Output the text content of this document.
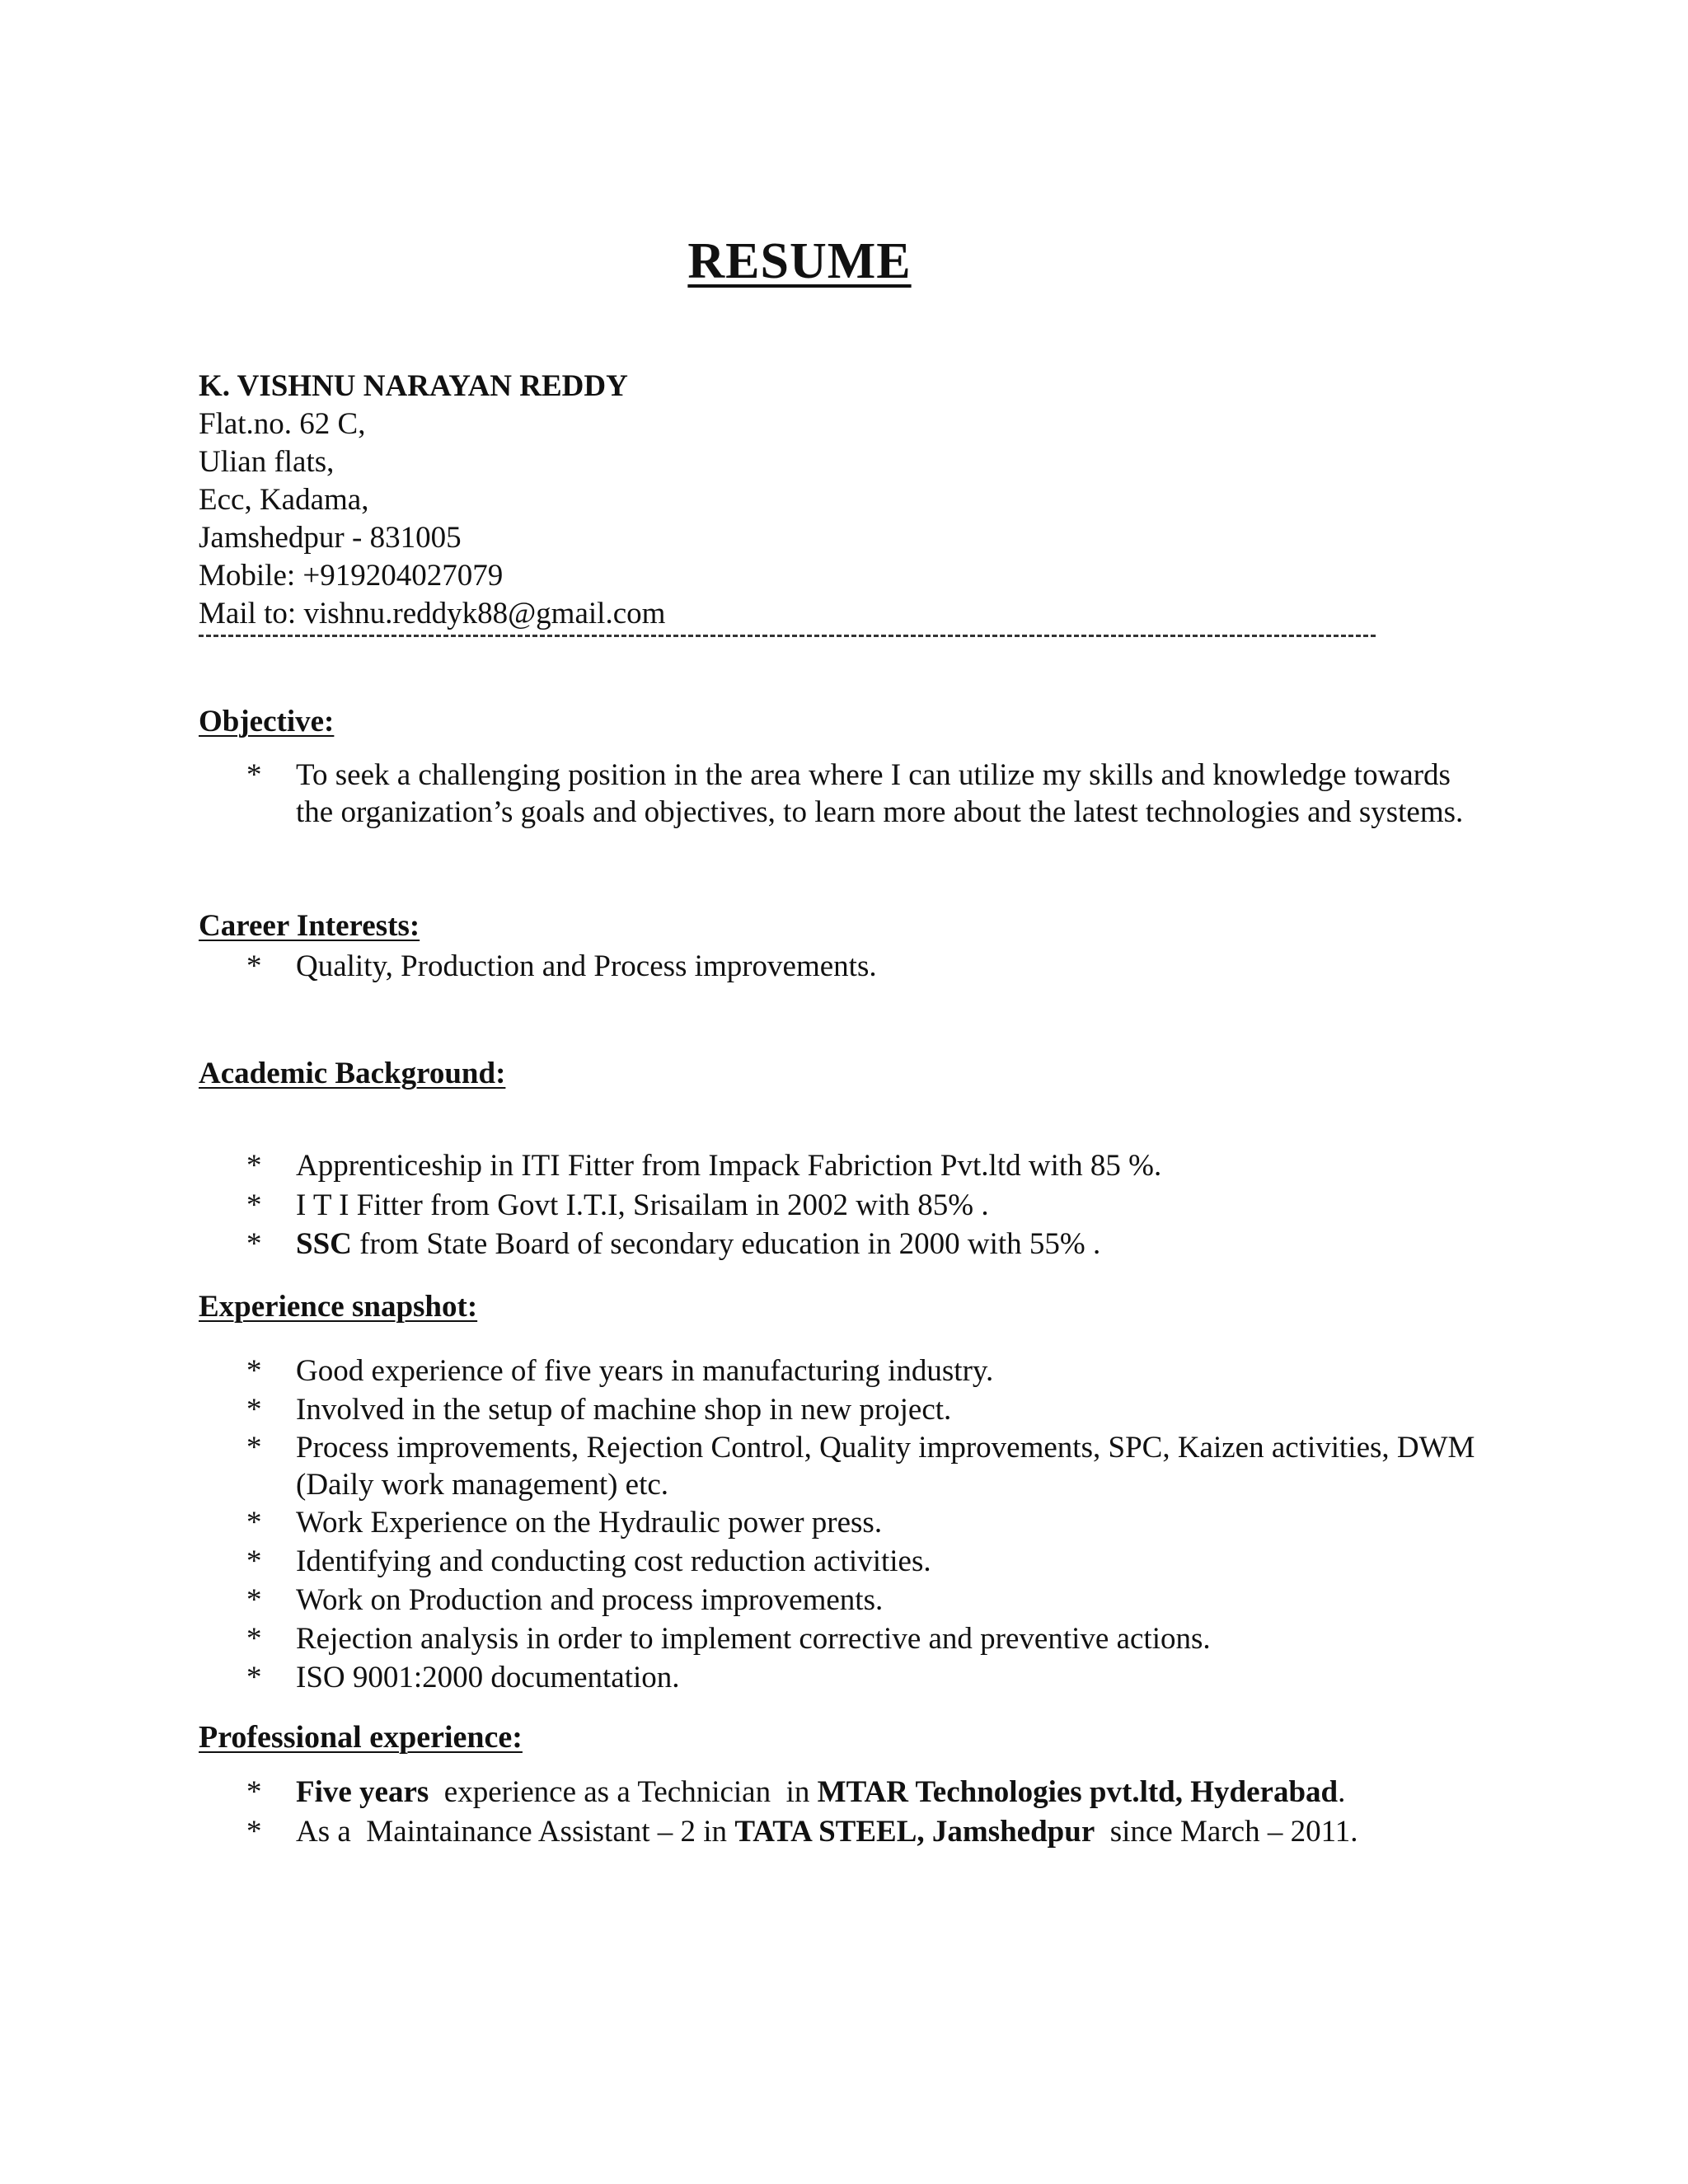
RESUME
K. VISHNU NARAYAN REDDY
Flat.no. 62 C,
Ulian flats,
Ecc, Kadama,
Jamshedpur - 831005
Mobile: +919204027079
Mail to: vishnu.reddyk88@gmail.com
Objective:
* To seek a challenging position in the area where I can utilize my skills and knowledge towards the organization’s goals and objectives, to learn more about the latest technologies and systems.
Career Interests:
* Quality, Production and Process improvements.
Academic Background:
* Apprenticeship in ITI Fitter from Impack Fabriction Pvt.ltd with 85 %.
* I T I Fitter from Govt I.T.I, Srisailam in 2002 with 85% .
* SSC from State Board of secondary education in 2000 with 55% .
Experience snapshot:
* Good experience of five years in manufacturing industry.
* Involved in the setup of machine shop in new project.
* Process improvements, Rejection Control, Quality improvements, SPC, Kaizen activities, DWM (Daily work management) etc.
* Work Experience on the Hydraulic power press.
* Identifying and conducting cost reduction activities.
* Work on Production and process improvements.
* Rejection analysis in order to implement corrective and preventive actions.
* ISO 9001:2000 documentation.
Professional experience:
* Five years  experience as a Technician  in MTAR Technologies pvt.ltd, Hyderabad.
* As a  Maintainance Assistant – 2 in TATA STEEL, Jamshedpur  since March – 2011.
